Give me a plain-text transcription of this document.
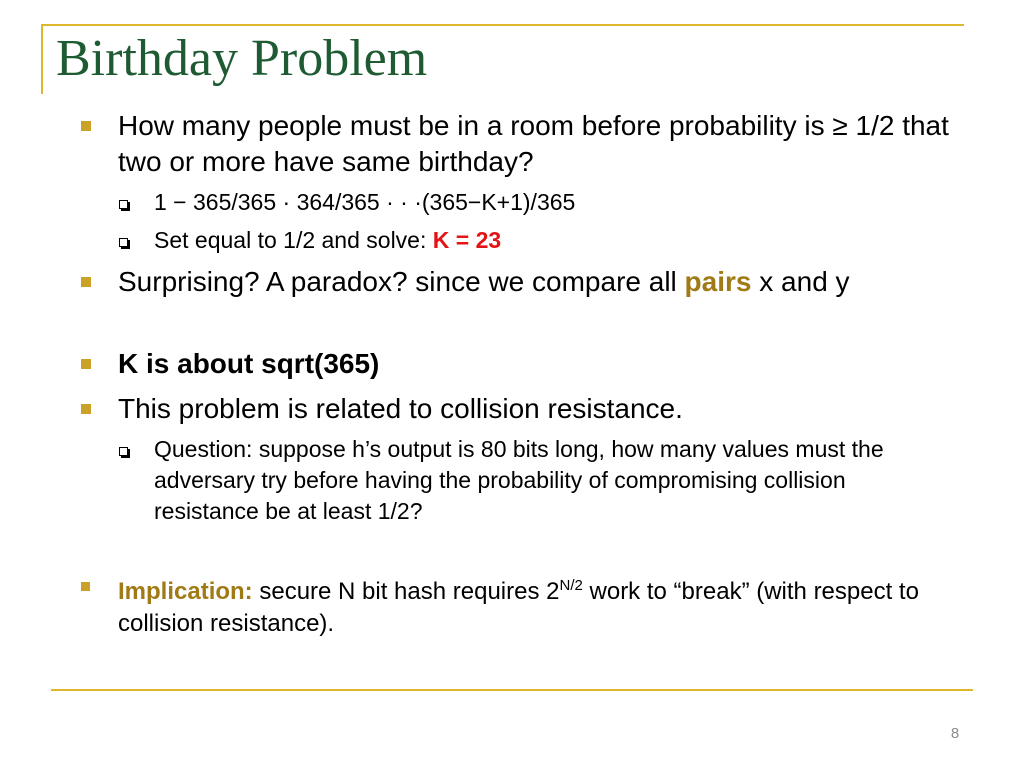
Birthday Problem
How many people must be in a room before probability is ≥ 1/2 that two or more have same birthday?
1 − 365/365 · 364/365 · · ·(365−K+1)/365
Set equal to 1/2 and solve: K = 23
Surprising? A paradox? since we compare all pairs x and y
K is about sqrt(365)
This problem is related to collision resistance.
Question: suppose h’s output is 80 bits long, how many values must the adversary try before having the probability of compromising collision resistance be at least 1/2?
Implication: secure N bit hash requires $2^{N/2}$ work to “break” (with respect to collision resistance).
8
